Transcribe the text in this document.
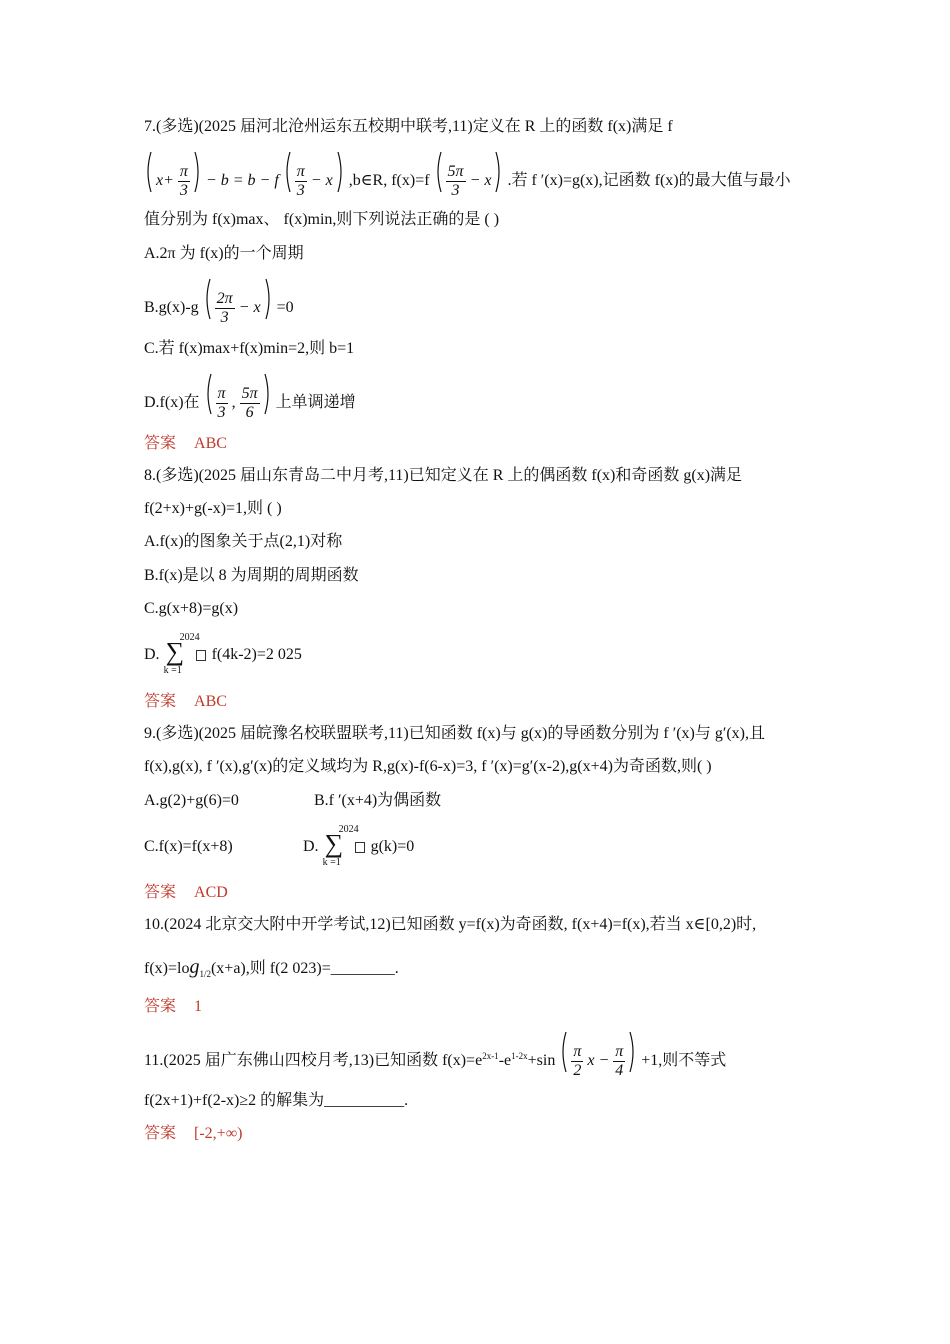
7.(多选)(2025 届河北沧州运东五校期中联考,11)定义在 R 上的函数 f(x)满足 f
$x+ \frac{\pi}{3} - b = b - f \frac{\pi}{3} - x$ ,b∈R, $f(x)=f \frac{5\pi}{3} - x$ .若 f ′(x)=g(x),记函数 f(x)的最大值与最小
值分别为 f(x)max、 f(x)min,则下列说法正确的是 ( )
A.2π 为 f(x)的一个周期
$B.g(x)-g \frac{2\pi}{3} - x =0$
C.若 f(x)max+f(x)min=2,则 b=1
D.f(x)在 $\frac{\pi}{3}$ , $\frac{5\pi}{6}$ 上单调递增
答案 ABC
8.(多选)(2025 届山东青岛二中月考,11)已知定义在 R 上的偶函数 f(x)和奇函数 g(x)满足
f(2+x)+g(-x)=1,则 ( )
A.f(x)的图象关于点(2,1)对称
B.f(x)是以 8 为周期的周期函数
C.g(x+8)=g(x)
D.
2024
∑
k =1
f(4k-2)=2 025
答案 ABC
9.(多选)(2025 届皖豫名校联盟联考,11)已知函数 f(x)与 g(x)的导函数分别为 f ′(x)与 g′(x),且
f(x),g(x), f ′(x),g′(x)的定义域均为 R,g(x)-f(6-x)=3, f ′(x)=g′(x-2),g(x+4)为奇函数,则( )
A.g(2)+g(6)=0	B.f ′(x+4)为偶函数
C.f(x)=f(x+8)	D.
2024
∑
k =1
g(k)=0
答案 ACD
10.(2024 北京交大附中开学考试,12)已知函数 y=f(x)为奇函数, f(x+4)=f(x),若当 x∈[0,2)时,
$f(x)=\log_{1/2}(x+a)$,则 f(2 023)=________.
答案 1
11.(2025 届广东佛山四校月考,13)已知函数 $f(x)=e^{2x-1}-e^{1-2x}+\sin \frac{\pi}{2}$ $x - \frac{\pi}{4} +1$,则不等式
f(2x+1)+f(2-x)≥2 的解集为__________.
答案 [-2,+∞)
